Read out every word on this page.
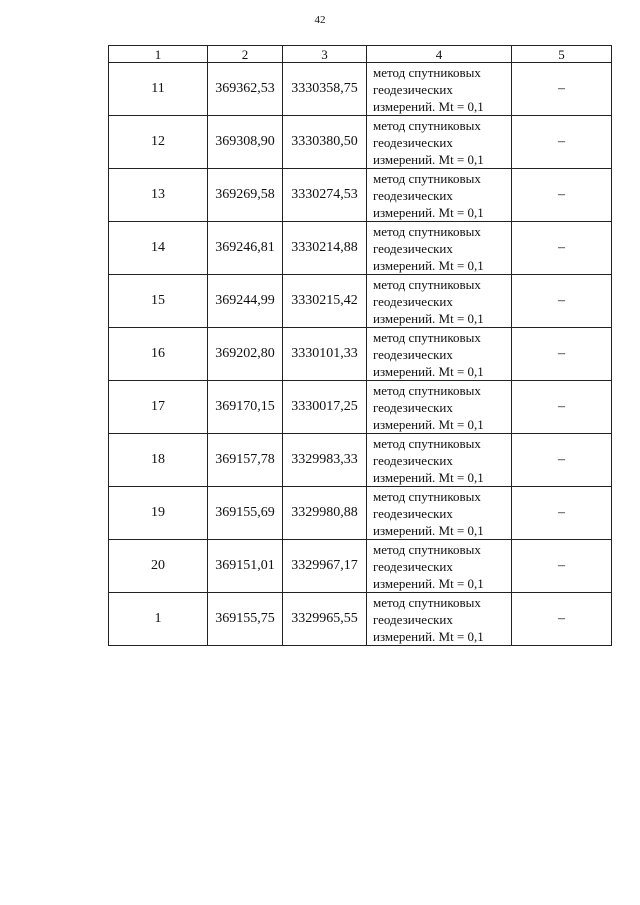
42
1	2	3	4	5
11	369362,53	3330358,75	метод спутниковых
геодезических
измерений. Mt = 0,1	–
12	369308,90	3330380,50	метод спутниковых
геодезических
измерений. Mt = 0,1	–
13	369269,58	3330274,53	метод спутниковых
геодезических
измерений. Mt = 0,1	–
14	369246,81	3330214,88	метод спутниковых
геодезических
измерений. Mt = 0,1	–
15	369244,99	3330215,42	метод спутниковых
геодезических
измерений. Mt = 0,1	–
16	369202,80	3330101,33	метод спутниковых
геодезических
измерений. Mt = 0,1	–
17	369170,15	3330017,25	метод спутниковых
геодезических
измерений. Mt = 0,1	–
18	369157,78	3329983,33	метод спутниковых
геодезических
измерений. Mt = 0,1	–
19	369155,69	3329980,88	метод спутниковых
геодезических
измерений. Mt = 0,1	–
20	369151,01	3329967,17	метод спутниковых
геодезических
измерений. Mt = 0,1	–
1	369155,75	3329965,55	метод спутниковых
геодезических
измерений. Mt = 0,1	–
